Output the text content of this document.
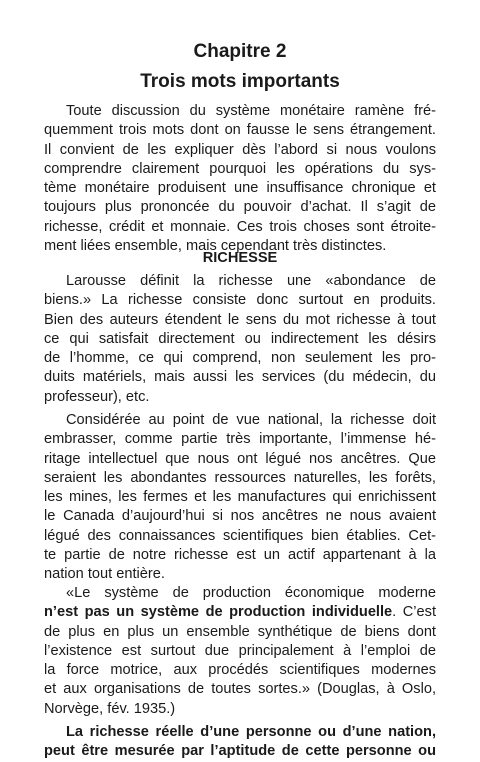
Chapitre 2
Trois mots importants

Toute discussion du système monétaire ramène fré-
quemment trois mots dont on fausse le sens étrangement.
Il convient de les expliquer dès l’abord si nous voulons
comprendre clairement pourquoi les opérations du sys-
tème monétaire produisent une insuffisance chronique et
toujours plus prononcée du pouvoir d’achat. Il s’agit de
richesse, crédit et monnaie. Ces trois choses sont étroite-
ment liées ensemble, mais cependant très distinctes.

RICHESSE

Larousse définit la richesse une «abondance de
biens.» La richesse consiste donc surtout en produits.
Bien des auteurs étendent le sens du mot richesse à tout
ce qui satisfait directement ou indirectement les désirs
de l’homme, ce qui comprend, non seulement les pro-
duits matériels, mais aussi les services (du médecin, du
professeur), etc.

Considérée au point de vue national, la richesse doit
embrasser, comme partie très importante, l’immense hé-
ritage intellectuel que nous ont légué nos ancêtres. Que
seraient les abondantes ressources naturelles, les forêts,
les mines, les fermes et les manufactures qui enrichissent
le Canada d’aujourd’hui si nos ancêtres ne nous avaient
légué des connaissances scientifiques bien établies. Cet-
te partie de notre richesse est un actif appartenant à la
nation tout entière.

«Le système de production économique moderne
n’est pas un système de production individuelle. C’est
de plus en plus un ensemble synthétique de biens dont
l’existence est surtout due principalement à l’emploi de
la force motrice, aux procédés scientifiques modernes
et aux organisations de toutes sortes.» (Douglas, à Oslo,
Norvège, fév. 1935.)

La richesse réelle d’une personne ou d’une nation,
peut être mesurée par l’aptitude de cette personne ou
